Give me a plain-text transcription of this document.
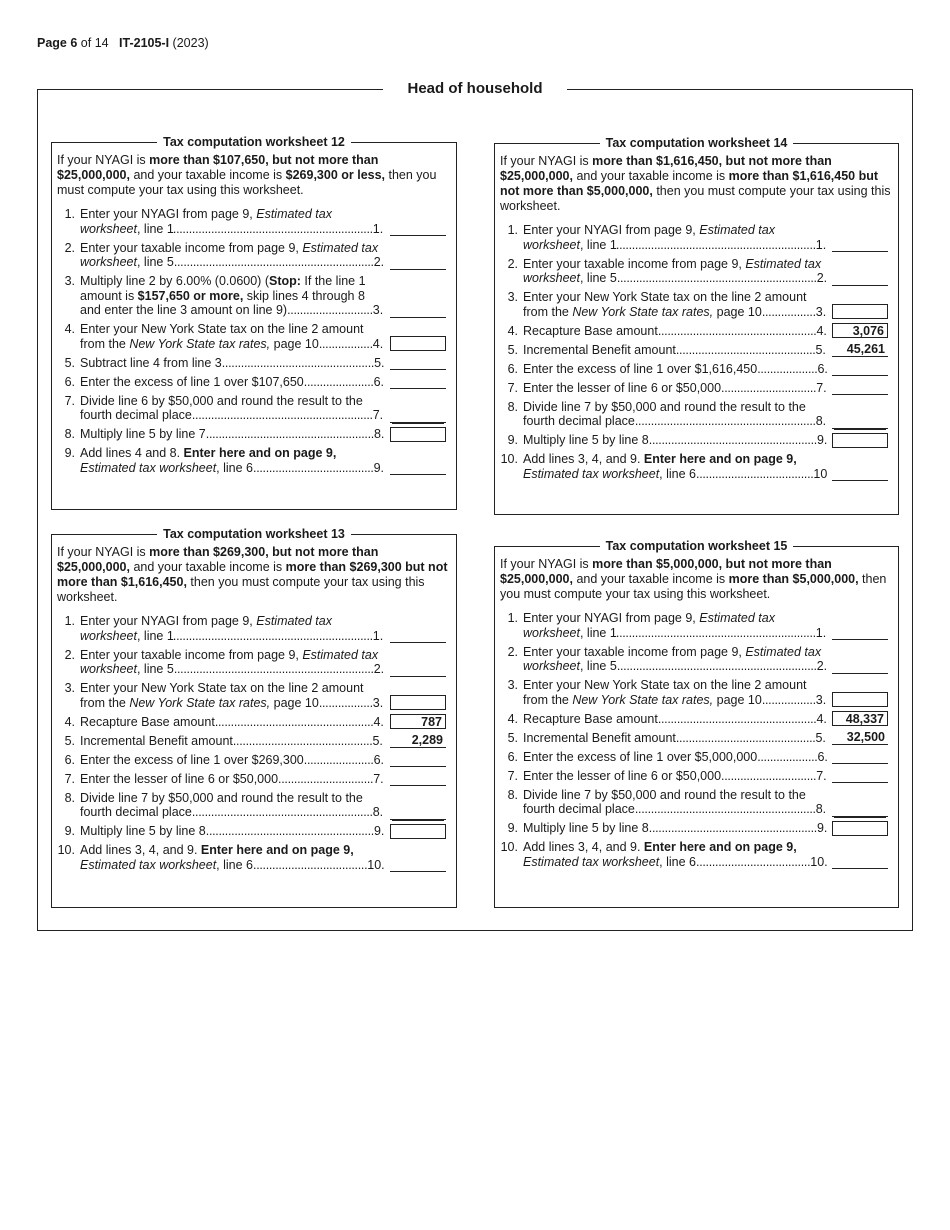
Page 6 of 14 IT-2105-I (2023)
Head of household
Tax computation worksheet 12

If your NYAGI is more than $107,650, but not more than $25,000,000, and your taxable income is $269,300 or less, then you must compute your tax using this worksheet.

1. Enter your NYAGI from page 9, Estimated tax worksheet, line 1...............................................................1.
2. Enter your taxable income from page 9, Estimated tax worksheet, line 5...............................................................2.
3. Multiply line 2 by 6.00% (0.0600) (Stop: If the line 1 amount is $157,650 or more, skip lines 4 through 8 and enter the line 3 amount on line 9)...........................3.
4. Enter your New York State tax on the line 2 amount from the New York State tax rates, page 10.................4.
5. Subtract line 4 from line 3................................................5.
6. Enter the excess of line 1 over $107,650......................6.
7. Divide line 6 by $50,000 and round the result to the fourth decimal place.........................................................7.
8. Multiply line 5 by line 7.....................................................8.
9. Add lines 4 and 8. Enter here and on page 9, Estimated tax worksheet, line 6......................................9.
Tax computation worksheet 13

If your NYAGI is more than $269,300, but not more than $25,000,000, and your taxable income is more than $269,300 but not more than $1,616,450, then you must compute your tax using this worksheet.

1. Enter your NYAGI from page 9, Estimated tax worksheet, line 1...............................................................1.
2. Enter your taxable income from page 9, Estimated tax worksheet, line 5...............................................................2.
3. Enter your New York State tax on the line 2 amount from the New York State tax rates, page 10.................3.
4. Recapture Base amount..................................................4.	787
5. Incremental Benefit amount............................................5.	2,289
6. Enter the excess of line 1 over $269,300......................6.
7. Enter the lesser of line 6 or $50,000..............................7.
8. Divide line 7 by $50,000 and round the result to the fourth decimal place.........................................................8.
9. Multiply line 5 by line 8.....................................................9.
10. Add lines 3, 4, and 9. Enter here and on page 9, Estimated tax worksheet, line 6....................................10.
Tax computation worksheet 14

If your NYAGI is more than $1,616,450, but not more than $25,000,000, and your taxable income is more than $1,616,450 but not more than $5,000,000, then you must compute your tax using this worksheet.

1. Enter your NYAGI from page 9, Estimated tax worksheet, line 1...............................................................1.
2. Enter your taxable income from page 9, Estimated tax worksheet, line 5...............................................................2.
3. Enter your New York State tax on the line 2 amount from the New York State tax rates, page 10.................3.
4. Recapture Base amount..................................................4.	3,076
5. Incremental Benefit amount............................................5.	45,261
6. Enter the excess of line 1 over $1,616,450...................6.
7. Enter the lesser of line 6 or $50,000..............................7.
8. Divide line 7 by $50,000 and round the result to the fourth decimal place.........................................................8.
9. Multiply line 5 by line 8.....................................................9.
10. Add lines 3, 4, and 9. Enter here and on page 9, Estimated tax worksheet, line 6.....................................10
Tax computation worksheet 15

If your NYAGI is more than $5,000,000, but not more than $25,000,000, and your taxable income is more than $5,000,000, then you must compute your tax using this worksheet.

1. Enter your NYAGI from page 9, Estimated tax worksheet, line 1...............................................................1.
2. Enter your taxable income from page 9, Estimated tax worksheet, line 5...............................................................2.
3. Enter your New York State tax on the line 2 amount from the New York State tax rates, page 10.................3.
4. Recapture Base amount..................................................4.	48,337
5. Incremental Benefit amount............................................5.	32,500
6. Enter the excess of line 1 over $5,000,000...................6.
7. Enter the lesser of line 6 or $50,000..............................7.
8. Divide line 7 by $50,000 and round the result to the fourth decimal place.........................................................8.
9. Multiply line 5 by line 8.....................................................9.
10. Add lines 3, 4, and 9. Enter here and on page 9, Estimated tax worksheet, line 6....................................10.
